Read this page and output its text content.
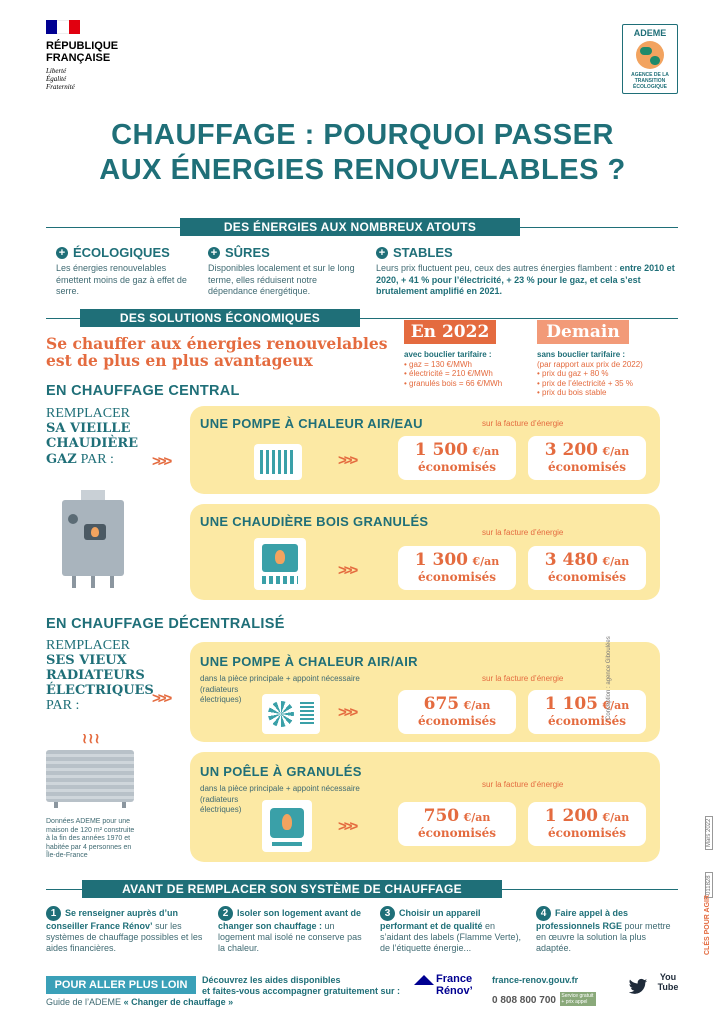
RÉPUBLIQUE
FRANÇAISE
Liberté
Égalité
Fraternité
ADEME
AGENCE DE LA
TRANSITION
ÉCOLOGIQUE
CHAUFFAGE : POURQUOI PASSER
AUX ÉNERGIES RENOUVELABLES ?
DES ÉNERGIES AUX NOMBREUX ATOUTS
+ ÉCOLOGIQUES
Les énergies renouvelables émettent moins de gaz à effet de serre.
+ SÛRES
Disponibles localement et sur le long terme, elles réduisent notre dépendance énergétique.
+ STABLES
Leurs prix fluctuent peu, ceux des autres énergies flambent : entre 2010 et 2020, + 41 % pour l’électricité, + 23 % pour le gaz, et cela s’est brutalement amplifié en 2021.
DES SOLUTIONS ÉCONOMIQUES
Se chauffer aux énergies renouvelables
est de plus en plus avantageux
En 2022
avec bouclier tarifaire :
• gaz = 130 €/MWh
• électricité = 210 €/MWh
• granulés bois = 66 €/MWh
Demain
sans bouclier tarifaire :
(par rapport aux prix de 2022)
• prix du gaz + 80 %
• prix de l’électricité + 35 %
• prix du bois stable
EN CHAUFFAGE CENTRAL
REMPLACER
SA VIEILLE
CHAUDIÈRE
GAZ PAR :	>>>
UNE POMPE À CHALEUR AIR/EAU	sur la facture d’énergie
>>>
1 500 €/an
économisés
3 200 €/an
économisés
UNE CHAUDIÈRE BOIS GRANULÉS
sur la facture d’énergie
>>>
1 300 €/an
économisés
3 480 €/an
économisés
EN CHAUFFAGE DÉCENTRALISÉ
REMPLACER
SES VIEUX
RADIATEURS
ÉLECTRIQUES
PAR :	>>>
≀≀≀
Données ADEME pour une
maison de 120 m² construite
à la fin des années 1970 et
habitée par 4 personnes en
Île-de-France
UNE POMPE À CHALEUR AIR/AIR
dans la pièce principale + appoint nécessaire
(radiateurs
électriques)
sur la facture d’énergie
>>>	675 €/an
économisés
1 105 €/an
économisés
UN POÊLE À GRANULÉS
dans la pièce principale + appoint nécessaire
(radiateurs
électriques)
sur la facture d’énergie
>>>
750 €/an
économisés
1 200 €/an
économisés
AVANT DE REMPLACER SON SYSTÈME DE CHAUFFAGE
1 Se renseigner auprès d’un conseiller France Rénov’ sur les systèmes de chauffage possibles et les aides financières.
2 Isoler son logement avant de changer son chauffage : un logement mal isolé ne conserve pas la chaleur.
3 Choisir un appareil performant et de qualité en s’aidant des labels (Flamme Verte), de l’étiquette énergie...
4 Faire appel à des professionnels RGE pour mettre en œuvre la solution la plus adaptée.
POUR ALLER PLUS LOIN
Guide de l’ADEME « Changer de chauffage »
Découvrez les aides disponibles
et faites-vous accompagner gratuitement sur :
France
Rénov’
france-renov.gouv.fr
0 808 800 700 Service gratuit + prix appel
You Tube
Conception : agence Giboulées
Mars 2022
011828
CLÉS POUR AGIR
